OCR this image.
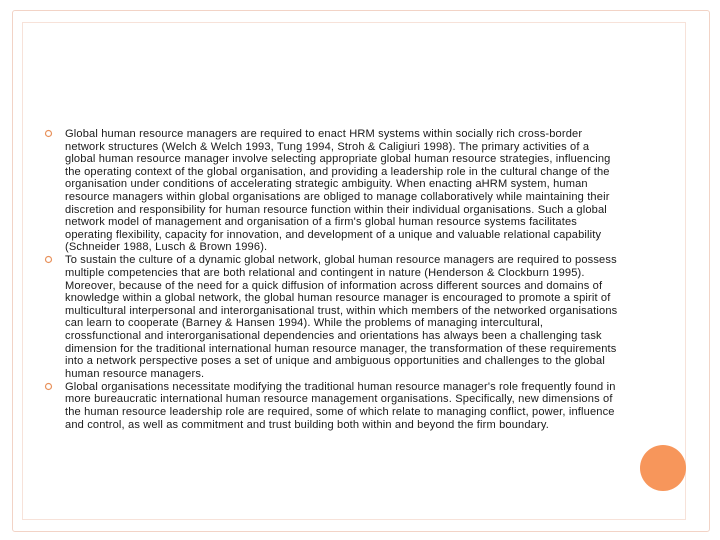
Global human resource managers are required to enact HRM systems within socially rich cross-border network structures (Welch & Welch 1993, Tung 1994, Stroh & Caligiuri 1998). The primary activities of a global human resource manager involve selecting appropriate global human resource strategies, influencing the operating context of the global organisation, and providing a leadership role in the cultural change of the organisation under conditions of accelerating strategic ambiguity. When enacting aHRM system, human resource managers within global organisations are obliged to manage collaboratively while maintaining their discretion and responsibility for human resource function within their individual organisations. Such a global network model of management and organisation of a firm's global human resource systems facilitates operating flexibility, capacity for innovation, and development of a unique and valuable relational capability (Schneider 1988, Lusch & Brown 1996).
To sustain the culture of a dynamic global network, global human resource managers are required to possess multiple competencies that are both relational and contingent in nature (Henderson & Clockburn 1995). Moreover, because of the need for a quick diffusion of information across different sources and domains of knowledge within a global network, the global human resource manager is encouraged to promote a spirit of multicultural interpersonal and interorganisational trust, within which members of the networked organisations can learn to cooperate (Barney & Hansen 1994). While the problems of managing intercultural, crossfunctional and interorganisational dependencies and orientations has always been a challenging task dimension for the traditional international human resource manager, the transformation of these requirements into a network perspective poses a set of unique and ambiguous opportunities and challenges to the global human resource managers.
Global organisations necessitate modifying the traditional human resource manager's role frequently found in more bureaucratic international human resource management organisations. Specifically, new dimensions of the human resource leadership role are required, some of which relate to managing conflict, power, influence and control, as well as commitment and trust building both within and beyond the firm boundary.
